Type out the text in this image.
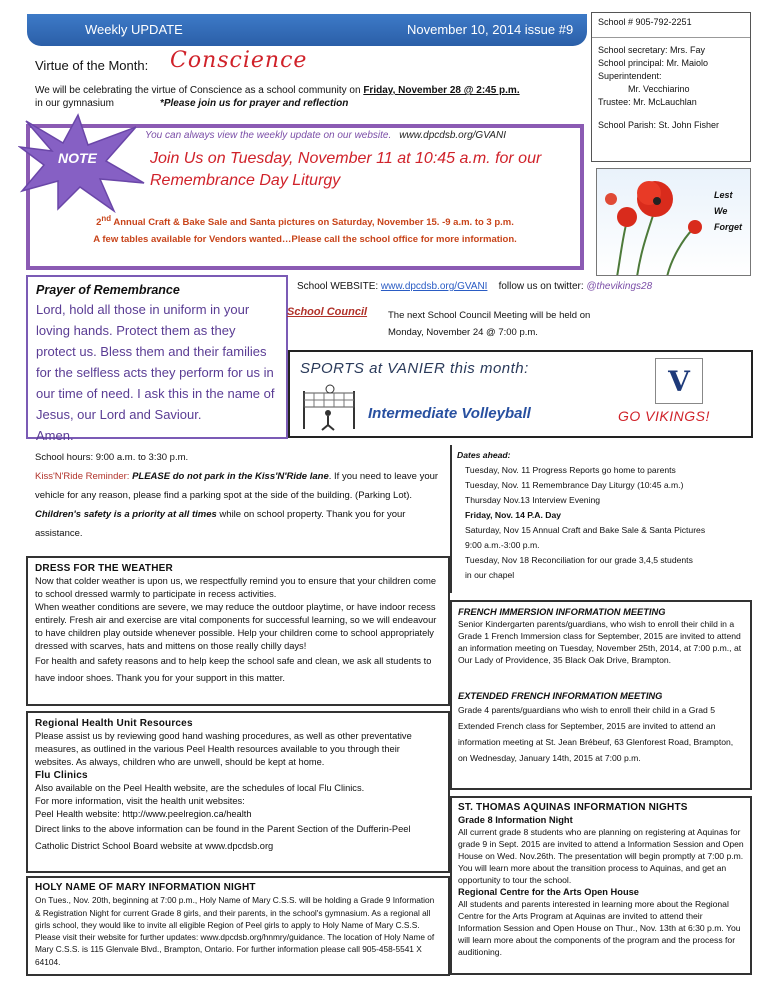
Weekly UPDATE	November 10, 2014 issue #9
Virtue of the Month: Conscience
We will be celebrating the virtue of Conscience as a school community on Friday, November 28 @ 2:45 p.m.
in our gymnasium	*Please join us for prayer and reflection
NOTE
You can always view the weekly update on our website. www.dpcdsb.org/GVANI
Join Us on Tuesday, November 11 at 10:45 a.m. for our Remembrance Day Liturgy
2nd Annual Craft & Bake Sale and Santa pictures on Saturday, November 15. -9 a.m. to 3 p.m.
A few tables available for Vendors wanted…Please call the school office for more information.
School # 905-792-2251
School secretary: Mrs. Fay
School principal: Mr. Maiolo
Superintendent:
Mr. Vecchiarino
Trustee: Mr. McLauchlan
School Parish: St. John Fisher
Lest
We
Forget
Prayer of Remembrance
Lord, hold all those in uniform in your loving hands. Protect them as they protect us. Bless them and their families for the selfless acts they perform for us in our time of need. I ask this in the name of Jesus, our Lord and Saviour.
Amen.
School WEBSITE: www.dpcdsb.org/GVANI follow us on twitter: @thevikings28
School Council The next School Council Meeting will be held on
Monday, November 24 @ 7:00 p.m.
SPORTS at VANIER this month:
Intermediate Volleyball
V
GO VIKINGS!
School hours: 9:00 a.m. to 3:30 p.m.
Kiss'N'Ride Reminder: PLEASE do not park in the Kiss'N'Ride lane. If you need to leave your vehicle for any reason, please find a parking spot at the side of the building. (Parking Lot).
Children's safety is a priority at all times while on school property. Thank you for your assistance.
DRESS FOR THE WEATHER
Now that colder weather is upon us, we respectfully remind you to ensure that your children come to school dressed warmly to participate in recess activities.
When weather conditions are severe, we may reduce the outdoor playtime, or have indoor recess entirely. Fresh air and exercise are vital components for successful learning, so we will endeavour to have children play outside whenever possible. Help your children come to school appropriately dressed with scarves, hats and mittens on those really chilly days!
For health and safety reasons and to help keep the school safe and clean, we ask all students to have indoor shoes. Thank you for your support in this matter.
Regional Health Unit Resources
Please assist us by reviewing good hand washing procedures, as well as other preventative measures, as outlined in the various Peel Health resources available to you through their websites. As always, children who are unwell, should be kept at home.
Flu Clinics
Also available on the Peel Health website, are the schedules of local Flu Clinics.
For more information, visit the health unit websites:
Peel Health website: http://www.peelregion.ca/health
Direct links to the above information can be found in the Parent Section of the Dufferin-Peel Catholic District School Board website at www.dpcdsb.org
HOLY NAME OF MARY INFORMATION NIGHT
On Tues., Nov. 20th, beginning at 7:00 p.m., Holy Name of Mary C.S.S. will be holding a Grade 9 Information & Registration Night for current Grade 8 girls, and their parents, in the school's gymnasium. As a regional all girls school, they would like to invite all eligible Region of Peel girls to apply to Holy Name of Mary C.S.S. Please visit their website for further updates: www.dpcdsb.org/hnmry/guidance. The location of Holy Name of Mary C.S.S. is 115 Glenvale Blvd., Brampton, Ontario. For further information please call 905-458-5541 X 64104.
Dates ahead:
Tuesday, Nov. 11 Progress Reports go home to parents
Tuesday, Nov. 11 Remembrance Day Liturgy (10:45 a.m.)
Thursday Nov.13 Interview Evening
Friday, Nov. 14 P.A. Day
Saturday, Nov 15 Annual Craft and Bake Sale & Santa Pictures
9:00 a.m.-3:00 p.m.
Tuesday, Nov 18 Reconciliation for our grade 3,4,5 students
in our chapel
FRENCH IMMERSION INFORMATION MEETING
Senior Kindergarten parents/guardians, who wish to enroll their child in a Grade 1 French Immersion class for September, 2015 are invited to attend an information meeting on Tuesday, November 25th, 2014, at 7:00 p.m., at Our Lady of Providence, 35 Black Oak Drive, Brampton.
EXTENDED FRENCH INFORMATION MEETING
Grade 4 parents/guardians who wish to enroll their child in a Grad 5 Extended French class for September, 2015 are invited to attend an information meeting at St. Jean Brébeuf, 63 Glenforest Road, Brampton, on Wednesday, January 14th, 2015 at 7:00 p.m.
ST. THOMAS AQUINAS INFORMATION NIGHTS
Grade 8 Information Night
All current grade 8 students who are planning on registering at Aquinas for grade 9 in Sept. 2015 are invited to attend a Information Session and Open House on Wed. Nov.26th. The presentation will begin promptly at 7:00 p.m. You will learn more about the transition process to Aquinas, and get an opportunity to tour the school.
Regional Centre for the Arts Open House
All students and parents interested in learning more about the Regional Centre for the Arts Program at Aquinas are invited to attend their Information Session and Open House on Thur., Nov. 13th at 6:30 p.m. You will learn more about the components of the program and the process for auditioning.
